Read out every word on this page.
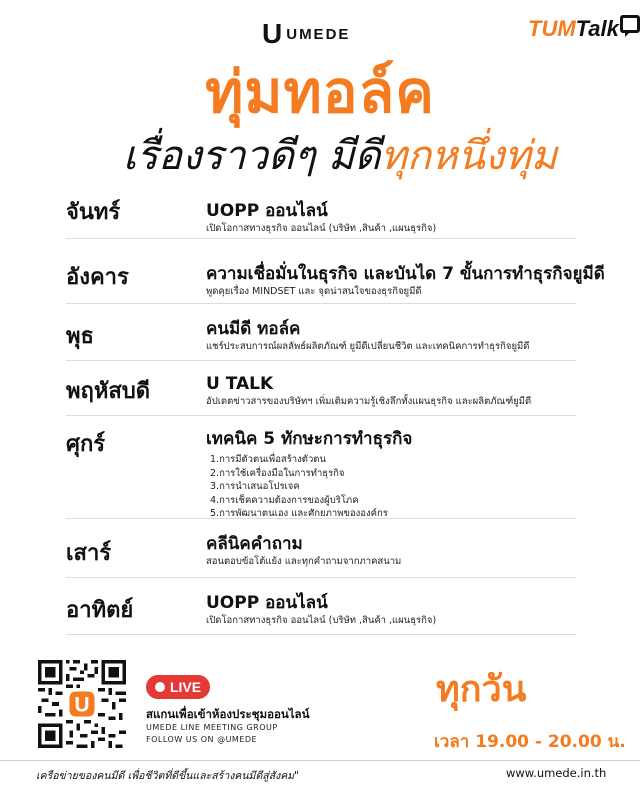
U UMEDE	TUM Talk
ทุ่มทอล์ค
เรื่องราวดีๆ มีดีทุกหนึ่งทุ่ม
จันทร์	UOPP ออนไลน์
เปิดโอกาสทางธุรกิจ ออนไลน์ (บริษัท ,สินค้า ,แผนธุรกิจ)
อังคาร	ความเชื่อมั่นในธุรกิจ และบันได 7 ขั้นการทำธุรกิจยูมีดี
พูดคุยเรื่อง MINDSET และ จุดน่าสนใจของธุรกิจยูมีดี
พุธ	คนมีดี ทอล์ค
แชร์ประสบการณ์ผลลัพธ์ผลิตภัณฑ์ ยูมีดีเปลี่ยนชีวิต และเทคนิคการทำธุรกิจยูมีดี
พฤหัสบดี	U TALK
อัปเดตข่าวสารของบริษัทฯ เพิ่มเติมความรู้เชิงลึกทั้งแผนธุรกิจ และผลิตภัณฑ์ยูมีดี
ศุกร์	เทคนิค 5 ทักษะการทำธุรกิจ
1.การมีตัวตนเพื่อสร้างตัวตน
2.การใช้เครื่องมือในการทำธุรกิจ
3.การนำเสนอโปรเจค
4.การเช็คความต้องการของผู้บริโภค
5.การพัฒนาตนเอง และศักยภาพขององค์กร
เสาร์	คลีนิคคำถาม
สอนตอบข้อโต้แย้ง และทุกคำถามจากภาคสนาม
อาทิตย์	UOPP ออนไลน์
เปิดโอกาสทางธุรกิจ ออนไลน์ (บริษัท ,สินค้า ,แผนธุรกิจ)
U
LIVE
สแกนเพื่อเข้าห้องประชุมออนไลน์
UMEDE LINE MEETING GROUP
FOLLOW US ON @UMEDE
ทุกวัน
เวลา 19.00 - 20.00 น.
เครือข่ายของคนมีดี เพื่อชีวิตที่ดีขึ้นและสร้างคนมีดีสู่สังคม"	www.umede.in.th
